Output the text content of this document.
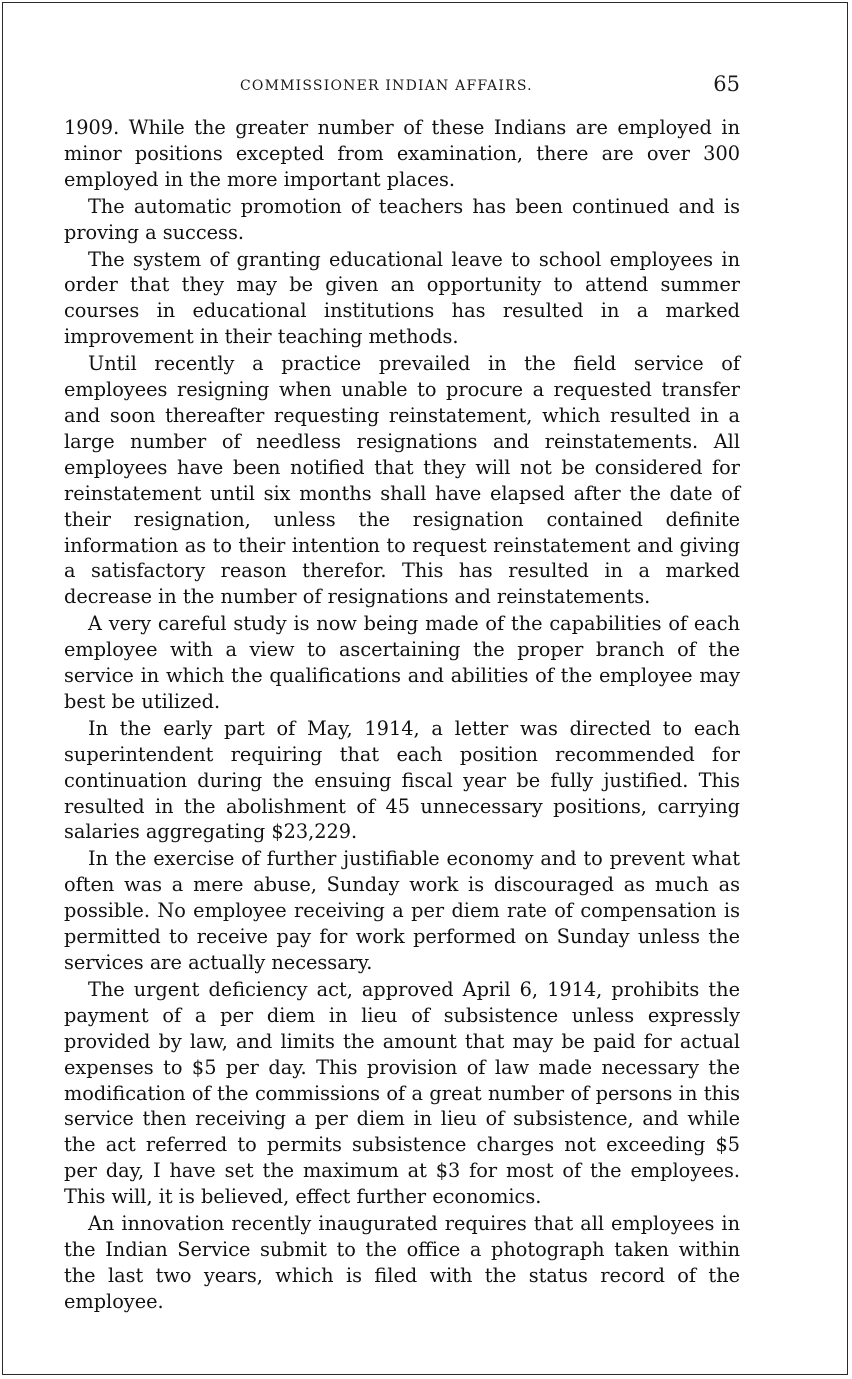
COMMISSIONER INDIAN AFFAIRS.	65

1909. While the greater number of these Indians are employed in minor positions excepted from examination, there are over 300 employed in the more important places.

The automatic promotion of teachers has been continued and is proving a success.

The system of granting educational leave to school employees in order that they may be given an opportunity to attend summer courses in educational institutions has resulted in a marked improvement in their teaching methods.

Until recently a practice prevailed in the field service of employees resigning when unable to procure a requested transfer and soon thereafter requesting reinstatement, which resulted in a large number of needless resignations and reinstatements. All employees have been notified that they will not be considered for reinstatement until six months shall have elapsed after the date of their resignation, unless the resignation contained definite information as to their intention to request reinstatement and giving a satisfactory reason therefor. This has resulted in a marked decrease in the number of resignations and reinstatements.

A very careful study is now being made of the capabilities of each employee with a view to ascertaining the proper branch of the service in which the qualifications and abilities of the employee may best be utilized.

In the early part of May, 1914, a letter was directed to each superintendent requiring that each position recommended for continuation during the ensuing fiscal year be fully justified. This resulted in the abolishment of 45 unnecessary positions, carrying salaries aggregating $23,229.

In the exercise of further justifiable economy and to prevent what often was a mere abuse, Sunday work is discouraged as much as possible. No employee receiving a per diem rate of compensation is permitted to receive pay for work performed on Sunday unless the services are actually necessary.

The urgent deficiency act, approved April 6, 1914, prohibits the payment of a per diem in lieu of subsistence unless expressly provided by law, and limits the amount that may be paid for actual expenses to $5 per day. This provision of law made necessary the modification of the commissions of a great number of persons in this service then receiving a per diem in lieu of subsistence, and while the act referred to permits subsistence charges not exceeding $5 per day, I have set the maximum at $3 for most of the employees. This will, it is believed, effect further economics.

An innovation recently inaugurated requires that all employees in the Indian Service submit to the office a photograph taken within the last two years, which is filed with the status record of the employee.
